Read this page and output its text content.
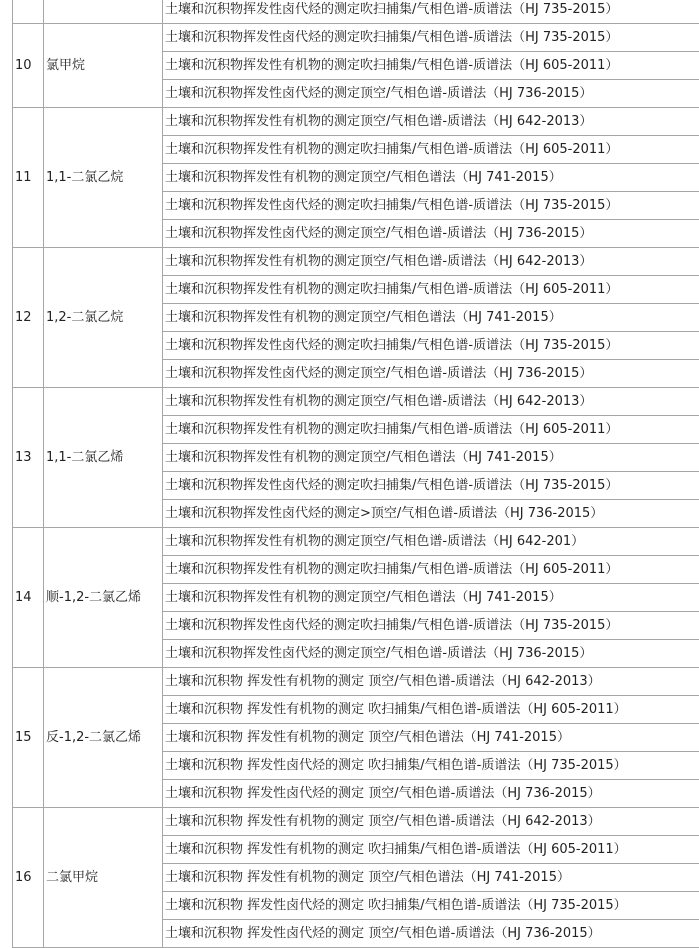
		土壤和沉积物挥发性卤代烃的测定吹扫捕集/气相色谱-质谱法（HJ 735-2015）
10	氯甲烷	土壤和沉积物挥发性卤代烃的测定吹扫捕集/气相色谱-质谱法（HJ 735-2015）
		土壤和沉积物挥发性有机物的测定吹扫捕集/气相色谱-质谱法（HJ 605-2011）
		土壤和沉积物挥发性卤代烃的测定顶空/气相色谱-质谱法（HJ 736-2015）
11	1,1-二氯乙烷	土壤和沉积物挥发性有机物的测定顶空/气相色谱-质谱法（HJ 642-2013）
		土壤和沉积物挥发性有机物的测定吹扫捕集/气相色谱-质谱法（HJ 605-2011）
		土壤和沉积物挥发性有机物的测定顶空/气相色谱法（HJ 741-2015）
		土壤和沉积物挥发性卤代烃的测定吹扫捕集/气相色谱-质谱法（HJ 735-2015）
		土壤和沉积物挥发性卤代烃的测定顶空/气相色谱-质谱法（HJ 736-2015）
12	1,2-二氯乙烷	土壤和沉积物挥发性有机物的测定顶空/气相色谱-质谱法（HJ 642-2013）
		土壤和沉积物挥发性有机物的测定吹扫捕集/气相色谱-质谱法（HJ 605-2011）
		土壤和沉积物挥发性有机物的测定顶空/气相色谱法（HJ 741-2015）
		土壤和沉积物挥发性卤代烃的测定吹扫捕集/气相色谱-质谱法（HJ 735-2015）
		土壤和沉积物挥发性卤代烃的测定顶空/气相色谱-质谱法（HJ 736-2015）
13	1,1-二氯乙烯	土壤和沉积物挥发性有机物的测定顶空/气相色谱-质谱法（HJ 642-2013）
		土壤和沉积物挥发性有机物的测定吹扫捕集/气相色谱-质谱法（HJ 605-2011）
		土壤和沉积物挥发性有机物的测定顶空/气相色谱法（HJ 741-2015）
		土壤和沉积物挥发性卤代烃的测定吹扫捕集/气相色谱-质谱法（HJ 735-2015）
		土壤和沉积物挥发性卤代烃的测定>顶空/气相色谱-质谱法（HJ 736-2015）
14	顺-1,2-二氯乙烯	土壤和沉积物挥发性有机物的测定顶空/气相色谱-质谱法（HJ 642-201）
		土壤和沉积物挥发性有机物的测定吹扫捕集/气相色谱-质谱法（HJ 605-2011）
		土壤和沉积物挥发性有机物的测定顶空/气相色谱法（HJ 741-2015）
		土壤和沉积物挥发性卤代烃的测定吹扫捕集/气相色谱-质谱法（HJ 735-2015）
		土壤和沉积物挥发性卤代烃的测定顶空/气相色谱-质谱法（HJ 736-2015）
15	反-1,2-二氯乙烯	土壤和沉积物 挥发性有机物的测定 顶空/气相色谱-质谱法（HJ 642-2013）
		土壤和沉积物 挥发性有机物的测定 吹扫捕集/气相色谱-质谱法（HJ 605-2011）
		土壤和沉积物 挥发性有机物的测定 顶空/气相色谱法（HJ 741-2015）
		土壤和沉积物 挥发性卤代烃的测定 吹扫捕集/气相色谱-质谱法（HJ 735-2015）
		土壤和沉积物 挥发性卤代烃的测定 顶空/气相色谱-质谱法（HJ 736-2015）
16	二氯甲烷	土壤和沉积物 挥发性有机物的测定 顶空/气相色谱-质谱法（HJ 642-2013）
		土壤和沉积物 挥发性有机物的测定 吹扫捕集/气相色谱-质谱法（HJ 605-2011）
		土壤和沉积物 挥发性有机物的测定 顶空/气相色谱法（HJ 741-2015）
		土壤和沉积物 挥发性卤代烃的测定 吹扫捕集/气相色谱-质谱法（HJ 735-2015）
		土壤和沉积物 挥发性卤代烃的测定 顶空/气相色谱-质谱法（HJ 736-2015）
